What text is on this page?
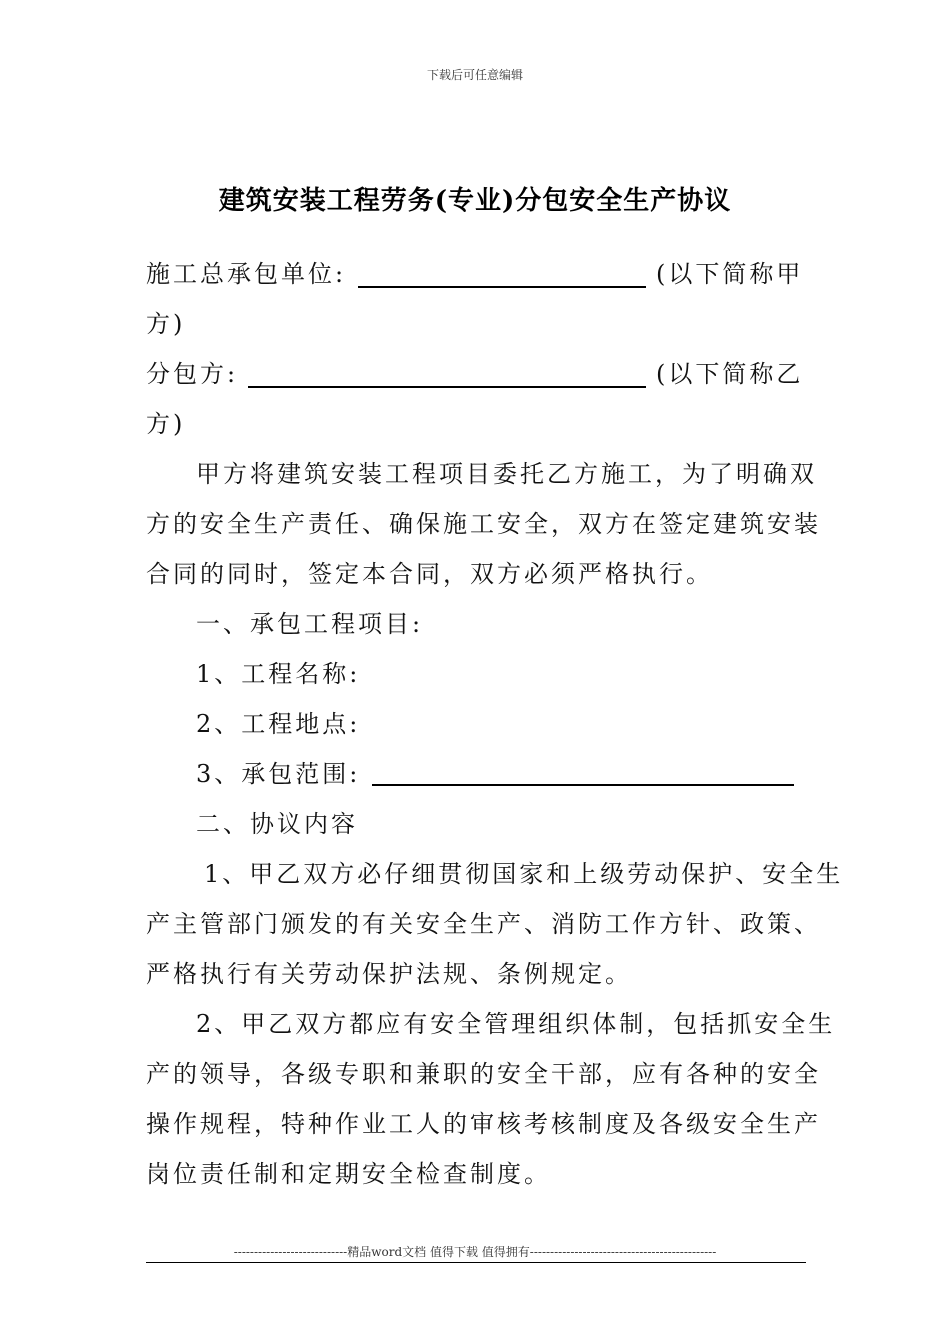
下载后可任意编辑
建筑安装工程劳务(专业)分包安全生产协议
施工总承包单位:	(以下简称甲
方)
分包方:	(以下简称乙
方)
甲方将建筑安装工程项目委托乙方施工，为了明确双
方的安全生产责任、确保施工安全，双方在签定建筑安装
合同的同时，签定本合同，双方必须严格执行。
一、承包工程项目:
1、工程名称:
2、工程地点:
3、承包范围:
二、协议内容
1、甲乙双方必仔细贯彻国家和上级劳动保护、安全生
产主管部门颁发的有关安全生产、消防工作方针、政策、
严格执行有关劳动保护法规、条例规定。
2、甲乙双方都应有安全管理组织体制，包括抓安全生
产的领导，各级专职和兼职的安全干部，应有各种的安全
操作规程，特种作业工人的审核考核制度及各级安全生产
岗位责任制和定期安全检查制度。
----------------------------精品word文档 值得下载 值得拥有----------------------------------------------
